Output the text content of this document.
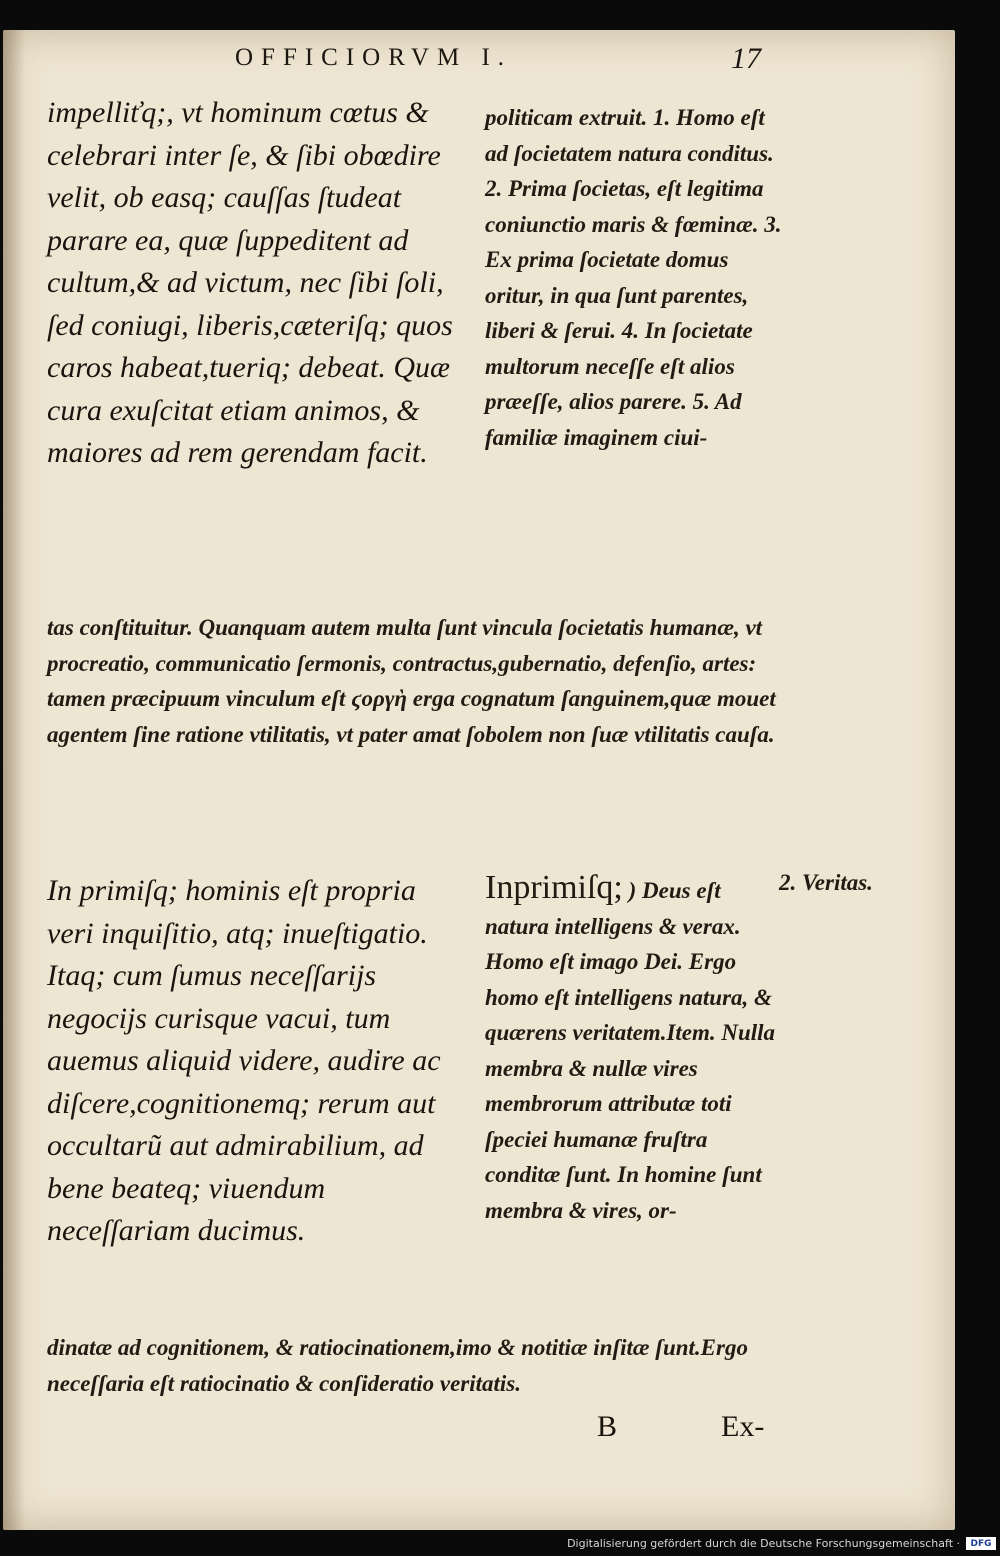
OFFICIORVM I.	17

impelliťq;, vt hominum cœtus & celebrari inter ſe, & ſibi obœdire velit, ob easq; cauſſas ſtudeat parare ea, quæ ſuppeditent ad cultum,& ad victum, nec ſibi ſoli, ſed coniugi, liberis,cæteriſq; quos caros habeat,tueriq; debeat. Quæ cura exuſcitat etiam animos, & maiores ad rem gerendam facit.

politicam extruit. 1. Homo eſt ad ſocietatem natura conditus. 2. Prima ſocietas, eſt legitima coniunctio maris & fœminæ. 3. Ex prima ſocietate domus oritur, in qua ſunt parentes, liberi & ſerui. 4. In ſocietate multorum neceſſe eſt alios præeſſe, alios parere. 5. Ad familiæ imaginem ciui-

tas conſtituitur. Quanquam autem multa ſunt vincula ſocietatis humanæ, vt procreatio, communicatio ſermonis, contractus,gubernatio, defenſio, artes: tamen præcipuum vinculum eſt ϛοργὴ erga cognatum ſanguinem,quæ mouet agentem ſine ratione vtilitatis, vt pater amat ſobolem non ſuæ vtilitatis cauſa.

In primiſq; hominis eſt propria veri inquiſitio, atq; inueſtigatio. Itaq; cum ſumus neceſſarijs negocijs curisque vacui, tum auemus aliquid videre, audire ac diſcere,cognitionemq; rerum aut occultarũ aut admirabilium, ad bene beateq; viuendum neceſſariam ducimus.

Inprimiſq; ) Deus eſt natura intelligens & verax. Homo eſt imago Dei. Ergo homo eſt intelligens natura, & quærens veritatem.Item. Nulla membra & nullæ vires membrorum attributæ toti ſpeciei humanæ fruſtra conditæ ſunt. In homine ſunt membra & vires, or-

dinatæ ad cognitionem, & ratiocinationem,imo & notitiæ inſitæ ſunt.Ergo neceſſaria eſt ratiocinatio & conſideratio veritatis.

2. Veritas.
B	Ex-
Digitalisierung gefördert durch die Deutsche Forschungsgemeinschaft ·	DFG
